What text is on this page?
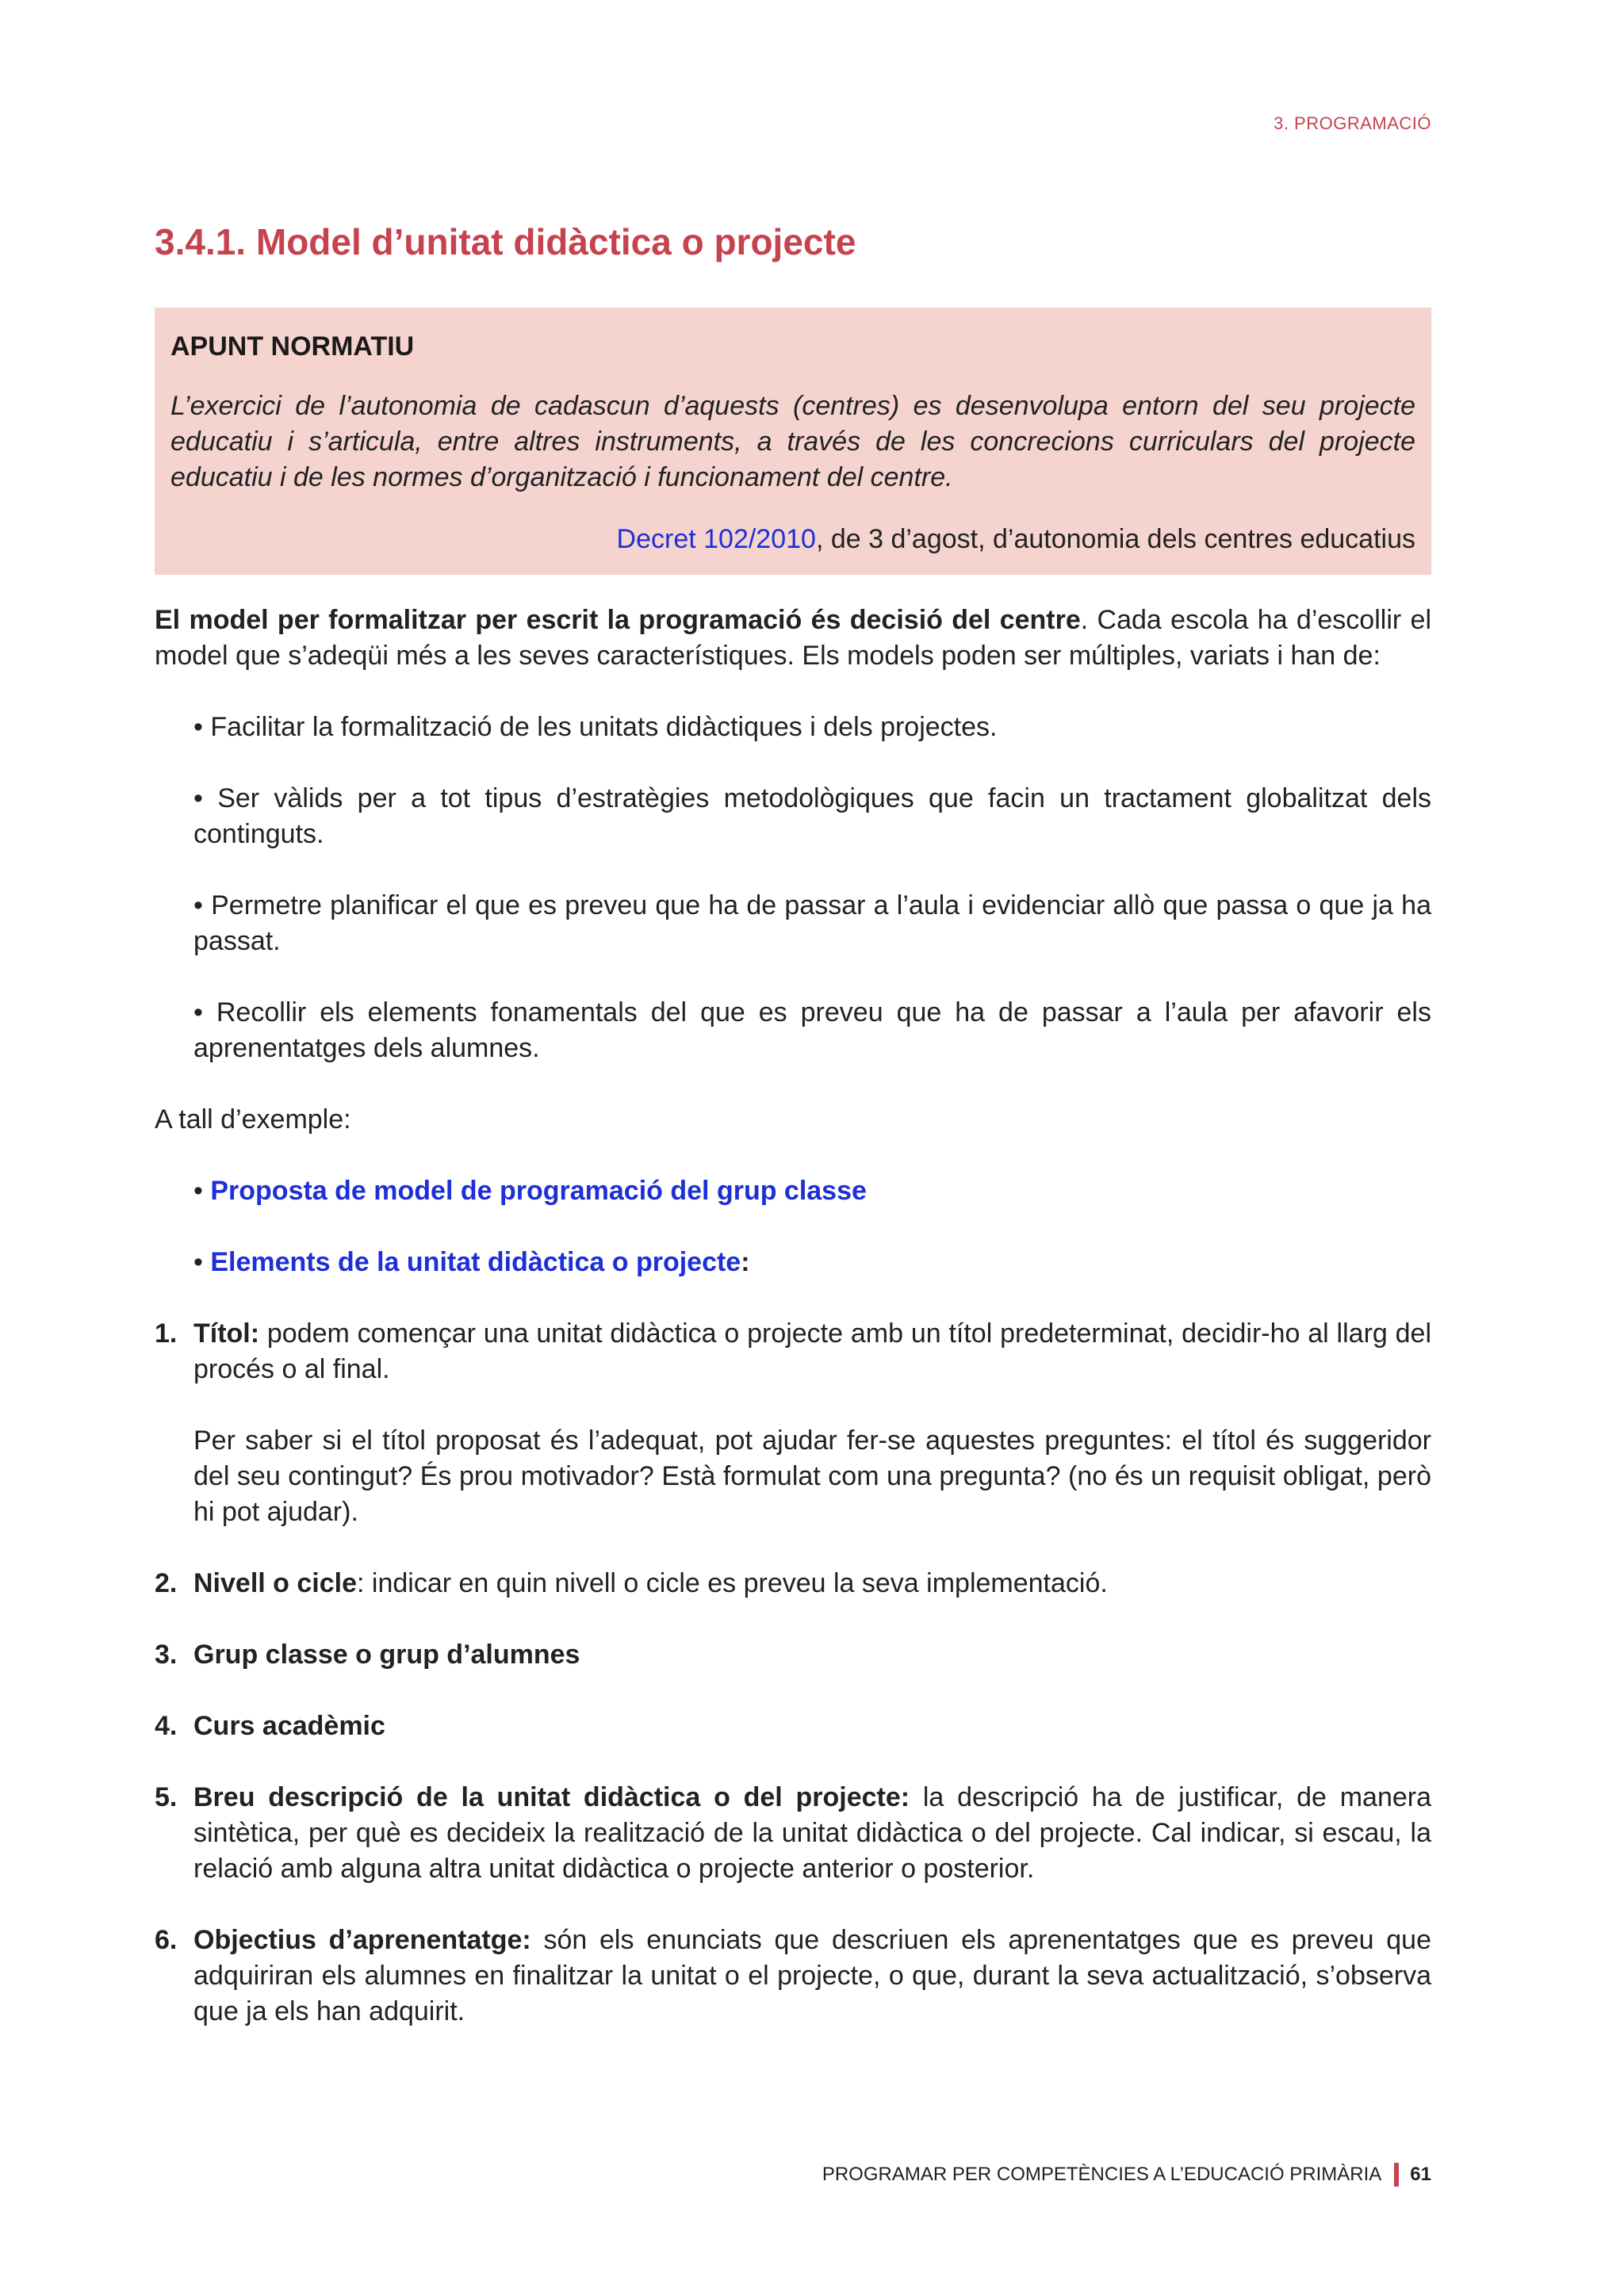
3. PROGRAMACIÓ
3.4.1. Model d’unitat didàctica o projecte
APUNT NORMATIU
L’exercici de l’autonomia de cadascun d’aquests (centres) es desenvolupa entorn del seu projecte educatiu i s’articula, entre altres instruments, a través de les concrecions curriculars del projecte educatiu i de les normes d’organització i funcionament del centre.
Decret 102/2010, de 3 d’agost, d’autonomia dels centres educatius

El model per formalitzar per escrit la programació és decisió del centre. Cada escola ha d’escollir el model que s’adeqüi més a les seves característiques. Els models poden ser múltiples, variats i han de:

• Facilitar la formalització de les unitats didàctiques i dels projectes.

• Ser vàlids per a tot tipus d’estratègies metodològiques que facin un tractament globalitzat dels continguts.

• Permetre planificar el que es preveu que ha de passar a l’aula i evidenciar allò que passa o que ja ha passat.

• Recollir els elements fonamentals del que es preveu que ha de passar a l’aula per afavorir els aprenentatges dels alumnes.

A tall d’exemple:

• Proposta de model de programació del grup classe

• Elements de la unitat didàctica o projecte:

1. Títol: podem començar una unitat didàctica o projecte amb un títol predeterminat, decidir-ho al llarg del procés o al final.

Per saber si el títol proposat és l’adequat, pot ajudar fer-se aquestes preguntes: el títol és suggeridor del seu contingut? És prou motivador? Està formulat com una pregunta? (no és un requisit obligat, però hi pot ajudar).

2. Nivell o cicle: indicar en quin nivell o cicle es preveu la seva implementació.

3. Grup classe o grup d’alumnes

4. Curs acadèmic

5. Breu descripció de la unitat didàctica o del projecte: la descripció ha de justificar, de manera sintètica, per què es decideix la realització de la unitat didàctica o del projecte. Cal indicar, si escau, la relació amb alguna altra unitat didàctica o projecte anterior o posterior.

6. Objectius d’aprenentatge: són els enunciats que descriuen els aprenentatges que es preveu que adquiriran els alumnes en finalitzar la unitat o el projecte, o que, durant la seva actualització, s’observa que ja els han adquirit.

PROGRAMAR PER COMPETÈNCIES A L’EDUCACIÓ PRIMÀRIA 61
